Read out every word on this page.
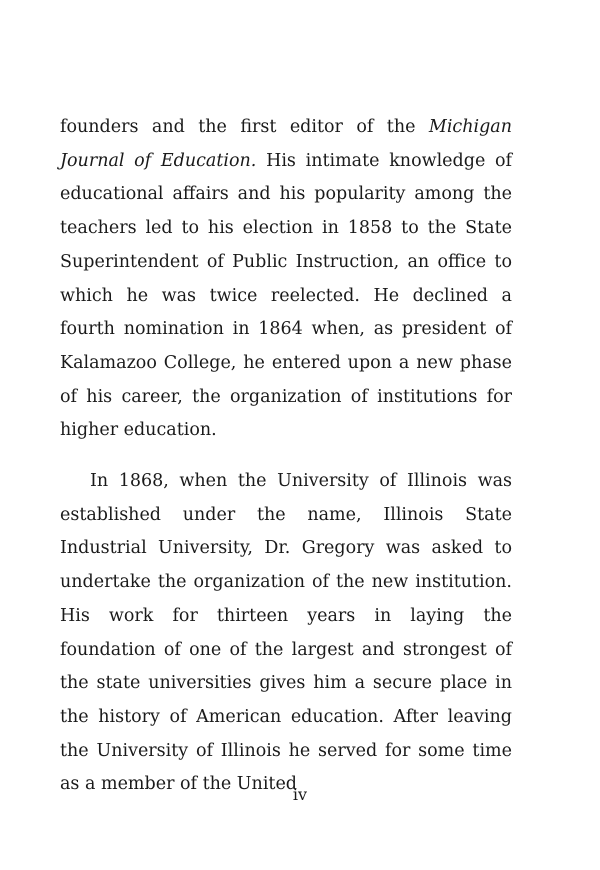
founders and the first editor of the Michigan Journal of Education. His intimate knowledge of educational affairs and his popularity among the teachers led to his election in 1858 to the State Superintendent of Public Instruction, an office to which he was twice reelected. He declined a fourth nomination in 1864 when, as president of Kalamazoo College, he entered upon a new phase of his career, the organization of institutions for higher education.

In 1868, when the University of Illinois was established under the name, Illinois State Industrial University, Dr. Gregory was asked to undertake the organization of the new institution. His work for thirteen years in laying the foundation of one of the largest and strongest of the state universities gives him a secure place in the history of American education. After leaving the University of Illinois he served for some time as a member of the United

iv
